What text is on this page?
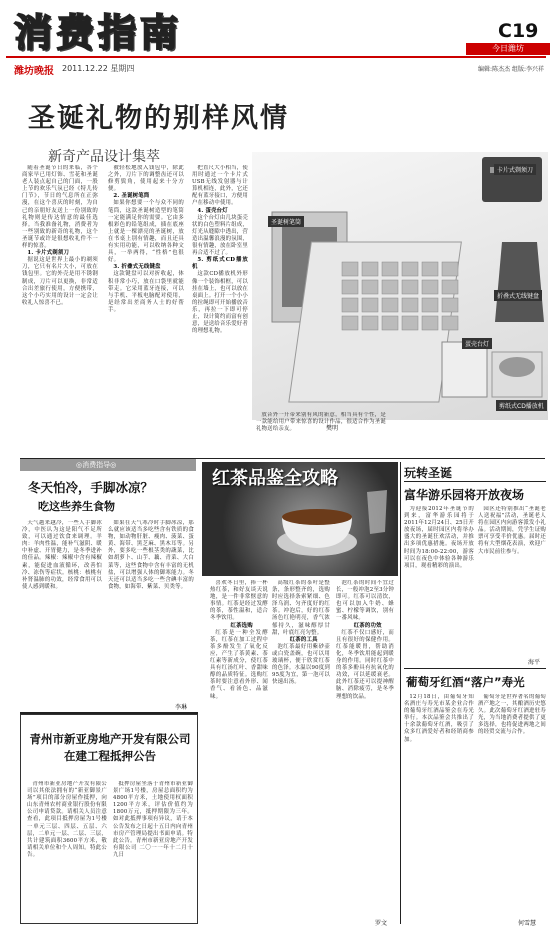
消费指南	C19
今日潍坊
潍坊晚报 2011.12.22 星期四	编辑:陈杰杰 组版:李兴祥
圣诞礼物的别样风情
新奇产品设计集萃
卡片式剃须刀
圣诞树笔筒
折叠式无线键盘
蛋壳台灯
剪纸式CD播放机

随着圣诞节日的来临，各个商家早已用灯饰、雪花和圣诞老人装点起自己的门面，一股上节的欢乐气氛已经《特儿传门节》，节日的气息所在正弥漫，在这个喜庆的时刻，为自己的亲朋好友送上一份别致的礼物则是传达情意的最佳选择。当我准备礼物，消费者为一些别致的新奇的礼物，这个圣诞节或许是很想收礼件不一样的惊喜。

1. 卡片式剃须刀

据说这是世界上最小的剃须刀，它只有名片大小，可放在钱包里。它的外壳是用不锈钢制成，刀片可以更换，非常适合出差旅行使用，方便携带，这个小巧实用的设计一定会让收礼人惊喜不已。

被轻松地放入钱包中，除此之外，刀片下的调整齿还可以修剪鬓角，使用起来十分方便。

2. 圣诞树笔筒

如果你想要一个与众不同的笔筒，这款圣诞树造型的笔筒一定能满足你的需要。它由多根彩色的铅笔组成，插在底座上就是一棵漂亮的圣诞树，放在书桌上别有情趣，而且还具有实用功能，可以收纳各种文具，一举两得，“性格”也很好。

3. 折叠式无线键盘

这款键盘可以对折收起，体积非常小巧，放在口袋里就能带走。它采用蓝牙连接，可以与手机、平板电脑配对使用，是经常出差商务人士的好帮手。

把直尺大小相当，使用时通过一个卡片式USB无线发射器与计算机相连，此外，它还配有蓝牙接口，方便用户在移动中使用。

4. 蛋壳台灯

这个台灯由几块蛋壳状的白色塑料片组成，灯光从缝隙中透出，营造出温馨浪漫的氛围，很有情趣，放在卧室里再合适不过了。

5. 剪纸式CD播放机

这款CD播放机外形像一个装饰相框，可以挂在墙上，也可以放在桌面上。打开一个小小的拉绳即可开始播放音乐，再拉一下即可停止，设计简约而富有创意，是送给音乐爱好者的理想礼物。

放音外一升带来别有风的新意，相当具有个性，是一款能给用户带来惊喜的设计作品，很适合作为圣诞礼物送给亲友。	樊明
◎消费指导◎
冬天怕冷，手脚冰凉？
吃这些养生食物

天气越来越冷，一些人手脚冰冷，中医认为这是阳气不足所致，可以通过饮食来调理。羊肉：羊肉性温，能补气滋阴、暖中补虚、开胃健力，是冬季进补的佳品。辣椒：辣椒中含有辣椒素，能促进血液循环，改善怕冷、冻伤等症状。核桃：核桃有补肾温肺的功效，经常食用可以使人感到暖和。

如果在天气寒冷时手脚冰凉，那么就应该适当多吃些含有铁质的食物，如动物肝脏、瘦肉、菠菜、蛋黄、海带、黑芝麻、黑木耳等。另外，要多吃一些根茎类的蔬菜，比如胡萝卜、山芋、藕、青菜、大白菜等，这些食物中含有丰富的无机盐，可以增强人体的御寒能力。冬天还可以适当多吃一些含碘丰富的食物，如海带、紫菜、贝类等。

李琳
青州市新亚房地产开发有限公司在建工程抵押公告

青州市新亚房地产开发有限公司以其依法拥有的“新亚御景广场”项目的部分房屋作抵押，向山东青州农村商业银行股份有限公司申请贷款。请相关人员注意查看，此项目抵押房屋为1号楼一单元三层、四层、五层、六层，二单元一层、二层、三层，共计建筑面积3600平方米，敬请相关单位和个人周知。特此公告。

抵押房屋坐落于青州市新亚御景广场1号楼，房屋总面积约为4800平方米，土地使用权面积1200平方米，评估价值约为1800万元，抵押期限为三年。如对此抵押事项有异议，请于本公告发布之日起十五日内向青州市房产管理局提出书面申请。特此公告。青州市新亚房地产开发有限公司 二〇一一年十二月十九日

红茶品鉴全攻略

喜欢冬日里，捧一杯热红茶，和好友谈天说地，是一件非常惬意的事情。红茶是经过发酵的茶，茶性温和，适合冬季饮用。

红茶选购

红茶是一种全发酵茶，红茶在加工过程中茶多酚发生了氧化反应，产生了茶黄素、茶红素等新成分，使红茶具有红汤红叶、香甜味醇的品质特征。选购红茶时要注意看外形、闻香气、看汤色、品滋味。

高级红茶的茶叶是整条，条形整齐的，选购时应选择条索紧细、色泽乌润、匀齐度好的红茶。冲泡后，好的红茶汤色红艳明亮，香气浓郁持久，滋味醇厚甘甜，叶底红亮匀整。

红茶的工具

泡红茶最好用紫砂壶或白瓷盖碗，也可以用玻璃杯，便于欣赏红茶的色泽。水温以90度到95度为宜，第一泡可以快速出汤。

泡红茶的时间不宜过长，一般冲泡2至3分钟即可。红茶可以清饮，也可以加入牛奶、蜂蜜、柠檬等调饮，别有一番风味。

红茶的功效

红茶不仅口感好，而且有很好的保健作用。红茶能暖胃，帮助消化，冬季饮用能起到暖身的作用。同时红茶中的茶多酚具有抗氧化的功效，可以延缓衰老。此外红茶还可以提神醒脑、消除疲劳，是冬季理想的饮品。

罗文
玩转圣诞
富华游乐园将开放夜场

为迎接2012年圣诞节的到来，富华游乐园将于2011年12月24日、25日开放夜场，届时园区内将举办盛大的圣诞狂欢活动，并推出多项优惠措施。夜场开放时间为18:00-22:00，游客可以在夜色中体验各种游乐项目，观看精彩的演出。

园区还特别推出“圣诞老人送祝福”活动，圣诞老人将在园区内向游客派发小礼品。活动期间，凭学生证购票可享受半价优惠。届时还将有大型烟花表演，欢迎广大市民前往参与。

海平
葡萄牙红酒“落户”寿光

12月18日，由葡萄牙知名酒庄与寿光市某企业合作的葡萄牙红酒品鉴会在寿光举行。本次品鉴会共推出了十余款葡萄牙红酒，吸引了众多红酒爱好者和经销商参加。

葡萄牙是世界著名的葡萄酒产地之一，其酿酒历史悠久。此次葡萄牙红酒进驻寿光，为当地消费者提供了更多选择，也将促进两地之间的经贸交流与合作。

何雪慧
